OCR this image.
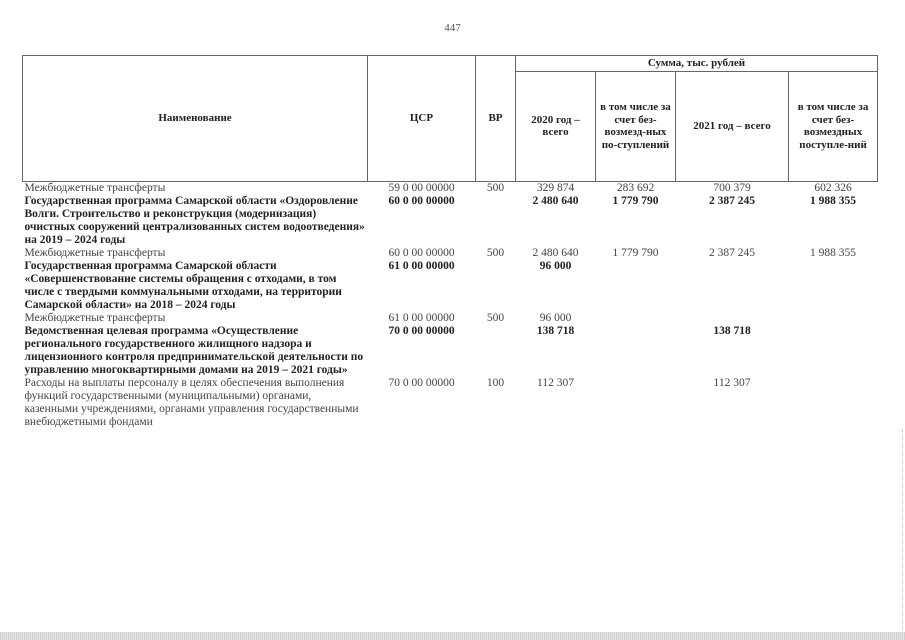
447
Наименование	ЦСР	ВР	Сумма, тыс. рублей			
			2020 год – всего	в том числе за счет без-возмезд-ных по-ступлений	2021 год – всего	в том числе за счет без-возмездных поступле-ний
Межбюджетные трансферты	59 0 00 00000	500	329 874	283 692	700 379	602 326
Государственная программа Самарской области «Оздоровление Волги. Строительство и реконструкция (модернизация) очистных сооружений централизованных систем водоотведения» на 2019 – 2024 годы	60 0 00 00000		2 480 640	1 779 790	2 387 245	1 988 355
Межбюджетные трансферты	60 0 00 00000	500	2 480 640	1 779 790	2 387 245	1 988 355
Государственная программа Самарской области «Совершенствование системы обращения с отходами, в том числе с твердыми коммунальными отходами, на территории Самарской области» на 2018 – 2024 годы	61 0 00 00000		96 000			
Межбюджетные трансферты	61 0 00 00000	500	96 000			
Ведомственная целевая программа «Осуществление регионального государственного жилищного надзора и лицензионного контроля предпринимательской деятельности по управлению многоквартирными домами на 2019 – 2021 годы»	70 0 00 00000		138 718		138 718	
Расходы на выплаты персоналу в целях обеспечения выполнения функций государственными (муниципальными) органами, казенными учреждениями, органами управления государственными внебюджетными фондами	70 0 00 00000	100	112 307		112 307	
